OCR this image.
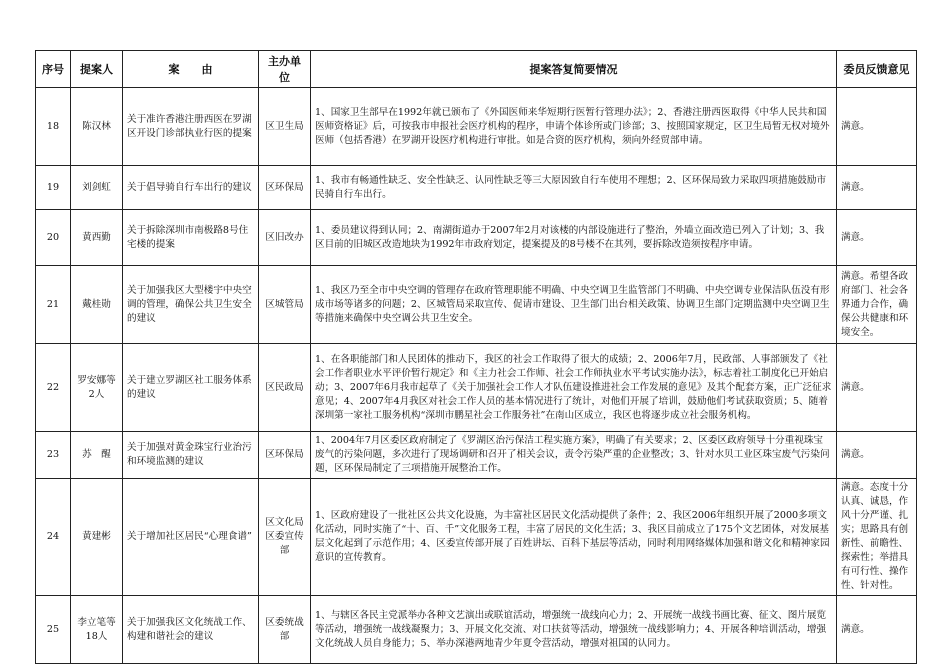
序号	提案人	案　　由	主办单位	提案答复简要情况	委员反馈意见
18	陈汉林	关于准许香港注册西医在罗湖区开设门诊部执业行医的提案	区卫生局	1、国家卫生部早在1992年就已颁布了《外国医师来华短期行医暂行管理办法》；2、香港注册西医取得《中华人民共和国医师资格证》后，可按我市申报社会医疗机构的程序，申请个体诊所或门诊部；3、按照国家规定，区卫生局暂无权对境外医师（包括香港）在罗湖开设医疗机构进行审批。如是合资的医疗机构，须向外经贸部申请。	满意。
19	刘剑虹	关于倡导骑自行车出行的建议	区环保局	1、我市有畅通性缺乏、安全性缺乏、认同性缺乏等三大原因致自行车使用不理想；2、区环保局致力采取四项措施鼓励市民骑自行车出行。	满意。
20	黄西勤	关于拆除深圳市南极路8号住宅楼的提案	区旧改办	1、委员建议得到认同；2、南湖街道办于2007年2月对该楼的内部设施进行了整治，外墙立面改造已列入了计划；3、我区目前的旧城区改造地块为1992年市政府划定，提案提及的8号楼不在其列，要拆除改造须按程序申请。	满意。
21	戴桂勋	关于加强我区大型楼宇中央空调的管理，确保公共卫生安全的建议	区城管局	1、我区乃至全市中央空调的管理存在政府管理职能不明确、中央空调卫生监管部门不明确、中央空调专业保洁队伍没有形成市场等诸多的问题；2、区城管局采取宣传、促请市建设、卫生部门出台相关政策、协调卫生部门定期监测中央空调卫生等措施来确保中央空调公共卫生安全。	满意。希望各政府部门、社会各界通力合作，确保公共健康和环境安全。
22	罗安娜等2人	关于建立罗湖区社工服务体系的建议	区民政局	1、在各职能部门和人民团体的推动下，我区的社会工作取得了很大的成绩；2、2006年7月，民政部、人事部颁发了《社会工作者职业水平评价暂行规定》和《主力社会工作师、社会工作师执业水平考试实施办法》，标志着社工制度化已开始启动；3、2007年6月我市起草了《关于加强社会工作人才队伍建设推进社会工作发展的意见》及其个配套方案，正广泛征求意见；4、2007年4月我区对社会工作人员的基本情况进行了统计，对他们开展了培训，鼓励他们考试获取资质；5、随着深圳第一家社工服务机构“深圳市鹏星社会工作服务社”在南山区成立，我区也将逐步成立社会服务机构。	满意。
23	苏　醒	关于加强对黄金珠宝行业治污和环境监测的建议	区环保局	1、2004年7月区委区政府制定了《罗湖区治污保洁工程实施方案》，明确了有关要求；2、区委区政府领导十分重视珠宝废气的污染问题，多次进行了现场调研和召开了相关会议，责令污染严重的企业整改；3、针对水贝工业区珠宝废气污染问题，区环保局制定了三项措施开展整治工作。	满意。
24	黄建彬	关于增加社区居民“心理食谱”	区文化局区委宣传部	1、区政府建设了一批社区公共文化设施，为丰富社区居民文化活动提供了条件；2、我区2006年组织开展了2000多项文化活动，同时实施了“十、百、千”文化服务工程，丰富了居民的文化生活；3、我区目前成立了175个文艺团体，对发展基层文化起到了示范作用；4、区委宣传部开展了百姓讲坛、百科下基层等活动，同时利用网络媒体加强和谐文化和精神家园意识的宣传教育。	满意。态度十分认真、诚恳，作风十分严谨、扎实；思路具有创新性、前瞻性、探索性；举措具有可行性、操作性、针对性。
25	李立笔等18人	关于加强我区文化统战工作、构建和谐社会的建议	区委统战部	1、与辖区各民主党派举办各种文艺演出或联谊活动，增强统一战线向心力；2、开展统一战线书画比赛、征文、图片展览等活动，增强统一战线凝聚力；3、开展文化交流、对口扶贫等活动，增强统一战线影响力；4、开展各种培训活动，增强文化统战人员自身能力；5、举办深港两地青少年夏令营活动，增强对祖国的认同力。	满意。
